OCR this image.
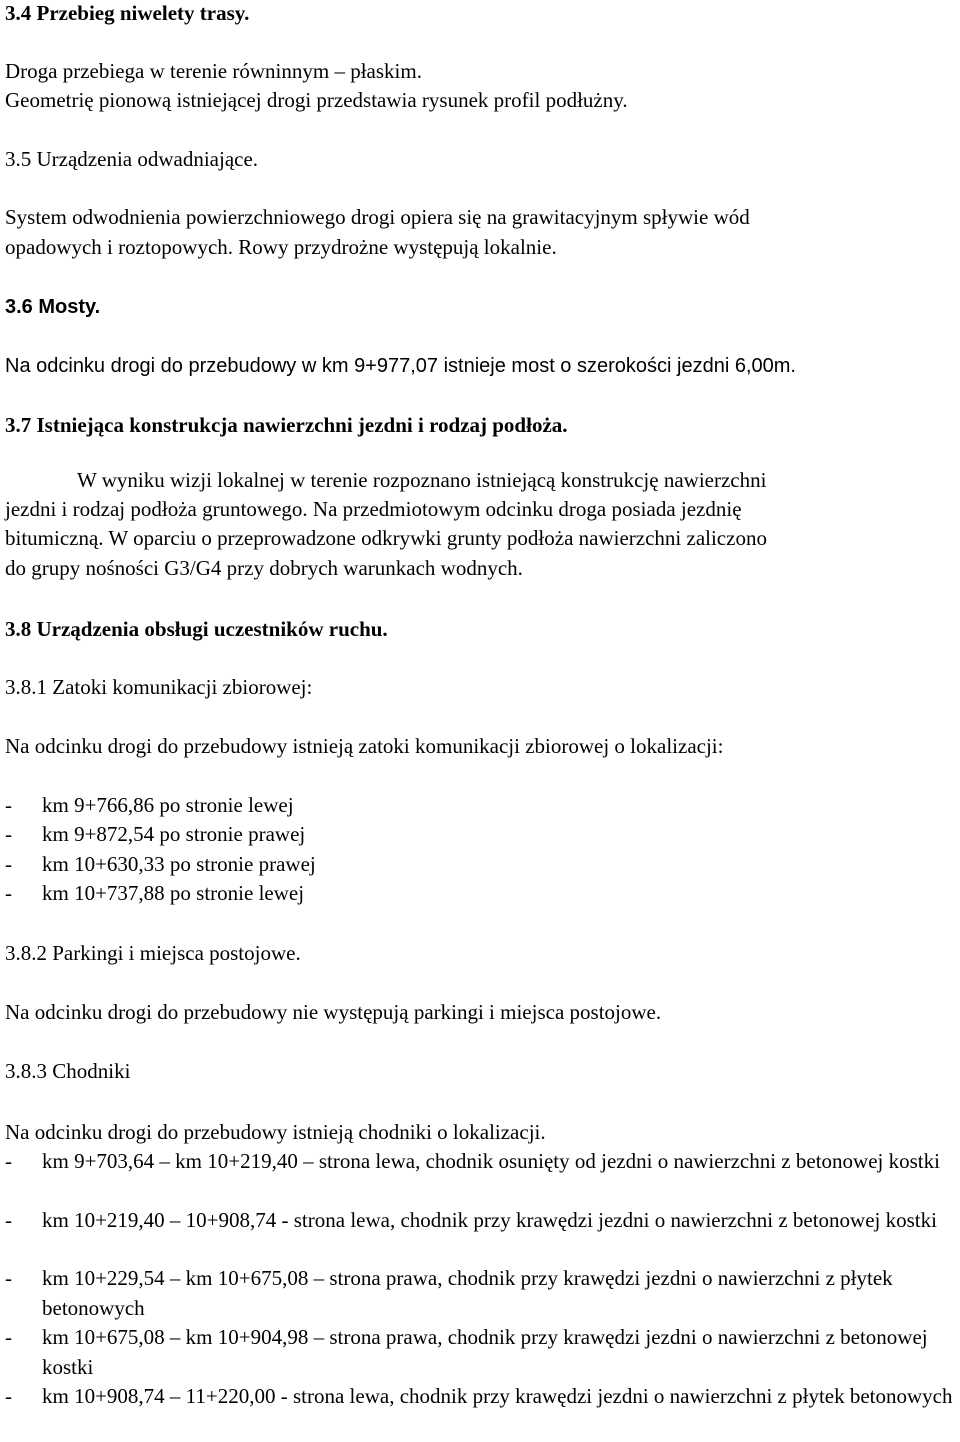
3.4 Przebieg niwelety trasy.
Droga przebiega w terenie równinnym – płaskim.
Geometrię pionową istniejącej drogi przedstawia rysunek profil podłużny.
3.5 Urządzenia odwadniające.
System odwodnienia powierzchniowego drogi opiera się na grawitacyjnym spływie wód
opadowych i roztopowych. Rowy przydrożne występują lokalnie.
3.6 Mosty.
Na odcinku drogi do przebudowy w km 9+977,07 istnieje most o szerokości jezdni 6,00m.
3.7 Istniejąca konstrukcja nawierzchni jezdni i rodzaj podłoża.
W wyniku wizji lokalnej w terenie rozpoznano istniejącą konstrukcję nawierzchni
jezdni i rodzaj podłoża gruntowego. Na przedmiotowym odcinku droga posiada jezdnię
bitumiczną. W oparciu o przeprowadzone odkrywki grunty podłoża nawierzchni zaliczono
do grupy nośności G3/G4 przy dobrych warunkach wodnych.
3.8 Urządzenia obsługi uczestników ruchu.
3.8.1 Zatoki komunikacji zbiorowej:
Na odcinku drogi do przebudowy istnieją zatoki komunikacji zbiorowej o lokalizacji:
- km 9+766,86 po stronie lewej
- km 9+872,54 po stronie prawej
- km 10+630,33 po stronie prawej
- km 10+737,88 po stronie lewej
3.8.2 Parkingi i miejsca postojowe.
Na odcinku drogi do przebudowy nie występują parkingi i miejsca postojowe.
3.8.3 Chodniki
Na odcinku drogi do przebudowy istnieją chodniki o lokalizacji.
- km 9+703,64 – km 10+219,40 – strona lewa, chodnik osunięty od jezdni o nawierzchni z betonowej kostki
- km 10+219,40 – 10+908,74 - strona lewa, chodnik przy krawędzi jezdni o nawierzchni z betonowej kostki
- km 10+229,54 – km 10+675,08 – strona prawa, chodnik przy krawędzi jezdni o nawierzchni z płytek betonowych
- km 10+675,08 – km 10+904,98 – strona prawa, chodnik przy krawędzi jezdni o nawierzchni z betonowej kostki
- km 10+908,74 – 11+220,00 - strona lewa, chodnik przy krawędzi jezdni o nawierzchni z płytek betonowych
